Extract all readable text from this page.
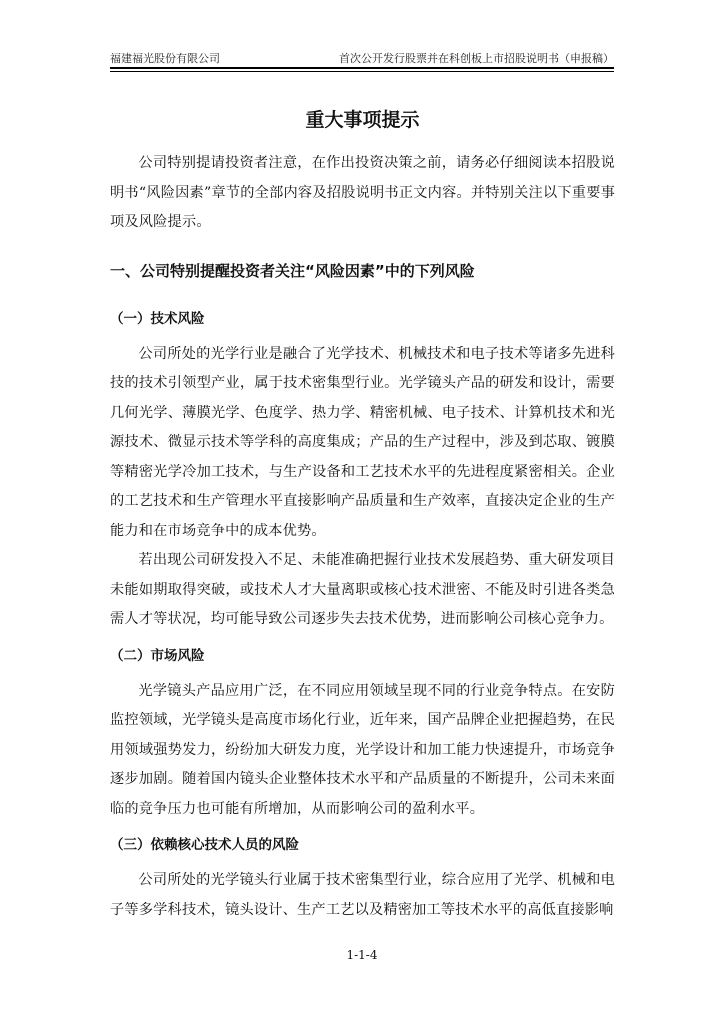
福建福光股份有限公司	首次公开发行股票并在科创板上市招股说明书（申报稿）
重大事项提示

公司特别提请投资者注意，在作出投资决策之前，请务必仔细阅读本招股说明书“风险因素”章节的全部内容及招股说明书正文内容。并特别关注以下重要事项及风险提示。

一、公司特别提醒投资者关注“风险因素”中的下列风险
（一）技术风险

公司所处的光学行业是融合了光学技术、机械技术和电子技术等诸多先进科技的技术引领型产业，属于技术密集型行业。光学镜头产品的研发和设计，需要几何光学、薄膜光学、色度学、热力学、精密机械、电子技术、计算机技术和光源技术、微显示技术等学科的高度集成；产品的生产过程中，涉及到芯取、镀膜等精密光学冷加工技术，与生产设备和工艺技术水平的先进程度紧密相关。企业的工艺技术和生产管理水平直接影响产品质量和生产效率，直接决定企业的生产能力和在市场竞争中的成本优势。

若出现公司研发投入不足、未能准确把握行业技术发展趋势、重大研发项目未能如期取得突破，或技术人才大量离职或核心技术泄密、不能及时引进各类急需人才等状况，均可能导致公司逐步失去技术优势，进而影响公司核心竞争力。

（二）市场风险

光学镜头产品应用广泛，在不同应用领域呈现不同的行业竞争特点。在安防监控领域，光学镜头是高度市场化行业，近年来，国产品牌企业把握趋势，在民用领域强势发力，纷纷加大研发力度，光学设计和加工能力快速提升，市场竞争逐步加剧。随着国内镜头企业整体技术水平和产品质量的不断提升，公司未来面临的竞争压力也可能有所增加，从而影响公司的盈利水平。

（三）依赖核心技术人员的风险

公司所处的光学镜头行业属于技术密集型行业，综合应用了光学、机械和电子等多学科技术，镜头设计、生产工艺以及精密加工等技术水平的高低直接影响

1-1-4
